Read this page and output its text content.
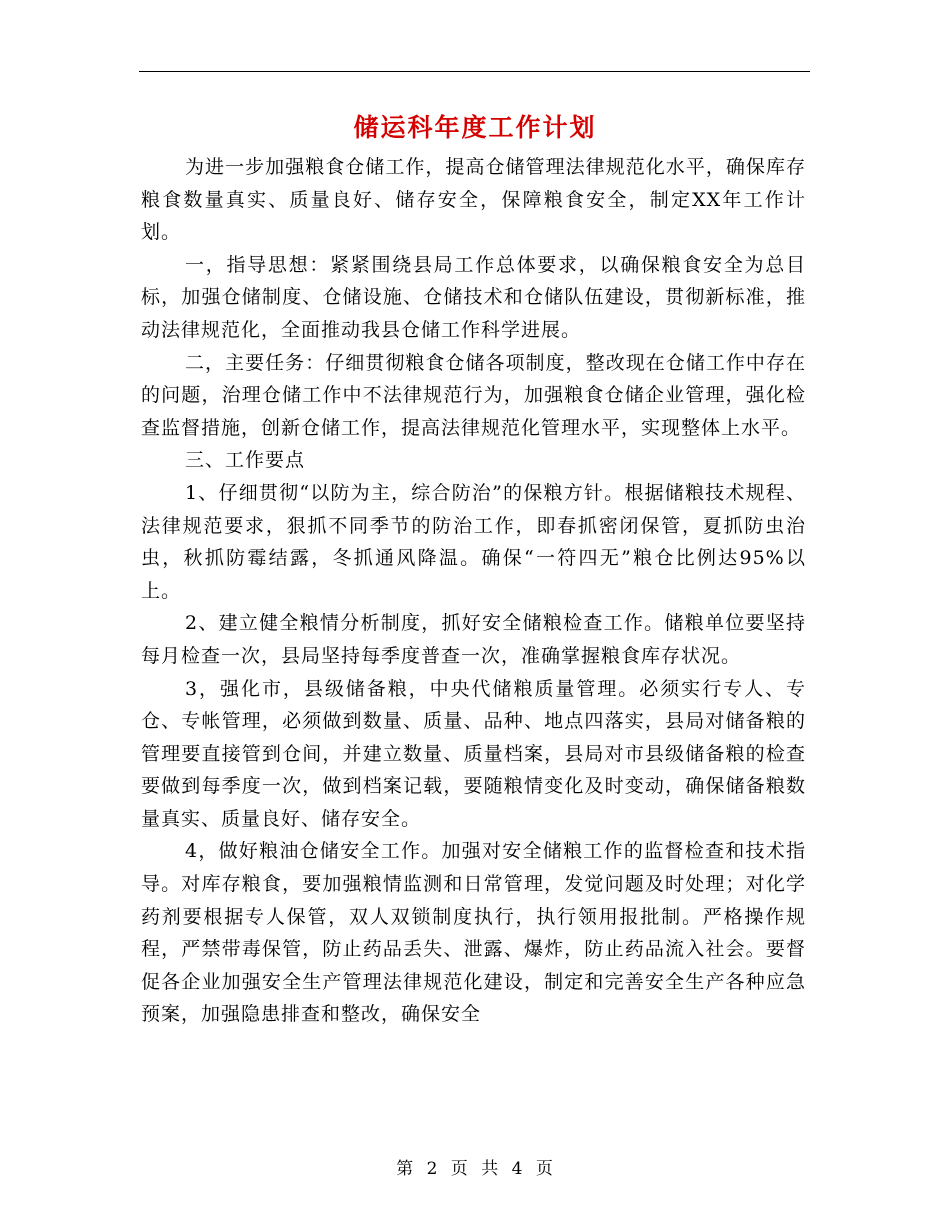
储运科年度工作计划

为进一步加强粮食仓储工作，提高仓储管理法律规范化水平，确保库存粮食数量真实、质量良好、储存安全，保障粮食安全，制定XX年工作计划。

一，指导思想：紧紧围绕县局工作总体要求，以确保粮食安全为总目标，加强仓储制度、仓储设施、仓储技术和仓储队伍建设，贯彻新标准，推动法律规范化，全面推动我县仓储工作科学进展。

二，主要任务：仔细贯彻粮食仓储各项制度，整改现在仓储工作中存在的问题，治理仓储工作中不法律规范行为，加强粮食仓储企业管理，强化检查监督措施，创新仓储工作，提高法律规范化管理水平，实现整体上水平。

三、工作要点

1、仔细贯彻“以防为主，综合防治”的保粮方针。根据储粮技术规程、法律规范要求，狠抓不同季节的防治工作，即春抓密闭保管，夏抓防虫治虫，秋抓防霉结露，冬抓通风降温。确保“一符四无”粮仓比例达95%以上。

2、建立健全粮情分析制度，抓好安全储粮检查工作。储粮单位要坚持每月检查一次，县局坚持每季度普查一次，准确掌握粮食库存状况。

3，强化市，县级储备粮，中央代储粮质量管理。必须实行专人、专仓、专帐管理，必须做到数量、质量、品种、地点四落实，县局对储备粮的管理要直接管到仓间，并建立数量、质量档案，县局对市县级储备粮的检查要做到每季度一次，做到档案记载，要随粮情变化及时变动，确保储备粮数量真实、质量良好、储存安全。

4，做好粮油仓储安全工作。加强对安全储粮工作的监督检查和技术指导。对库存粮食，要加强粮情监测和日常管理，发觉问题及时处理；对化学药剂要根据专人保管，双人双锁制度执行，执行领用报批制。严格操作规程，严禁带毒保管，防止药品丢失、泄露、爆炸，防止药品流入社会。要督促各企业加强安全生产管理法律规范化建设，制定和完善安全生产各种应急预案，加强隐患排查和整改，确保安全

第 2 页 共 4 页
